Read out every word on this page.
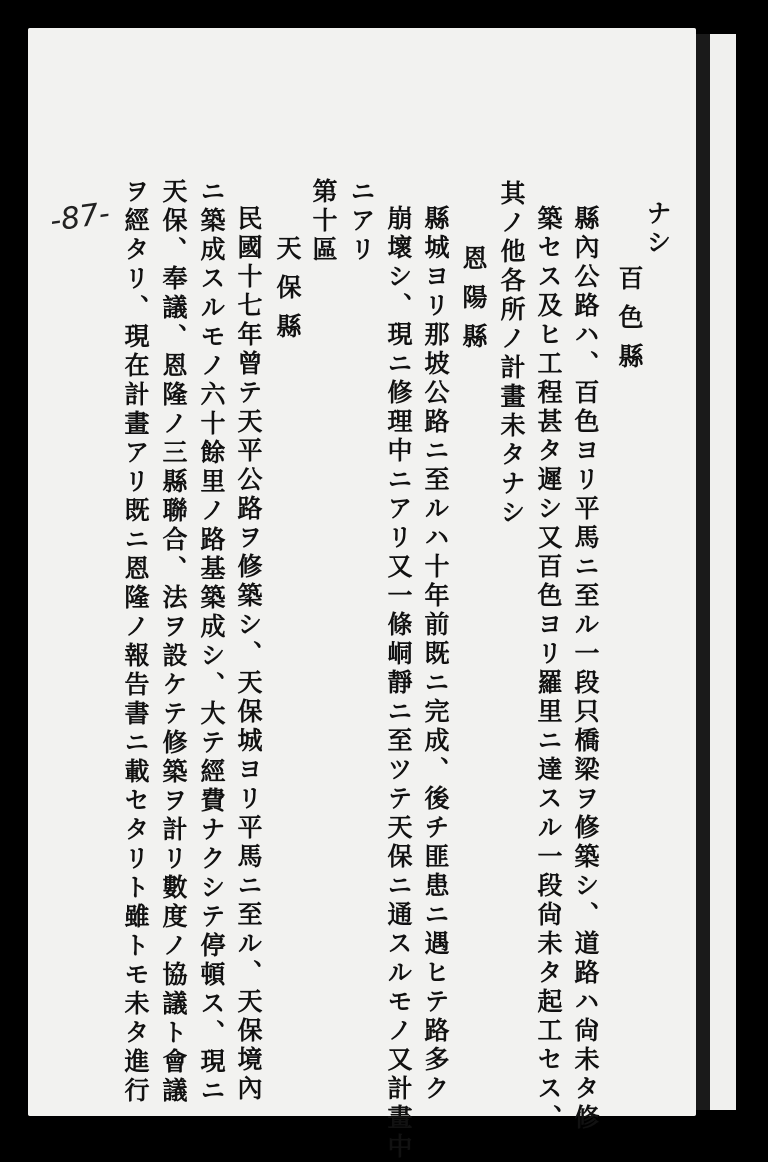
-87-	ナシ
百色縣
縣內公路ハ、百色ヨリ平馬ニ至ル一段只橋梁ヲ修築シ、道路ハ尙未タ修
築セス及ヒ工程甚タ遲シ又百色ヨリ羅里ニ達スル一段尙未タ起工セス、
其ノ他各所ノ計畫未タナシ
恩陽縣
縣城ヨリ那坡公路ニ至ルハ十年前既ニ完成、後チ匪患ニ遇ヒテ路多ク
崩壞シ、現ニ修理中ニアリ又一條峒靜ニ至ツテ天保ニ通スルモノ又計畫中
ニアリ
第十區
天保縣
民國十七年曾テ天平公路ヲ修築シ、天保城ヨリ平馬ニ至ル、天保境內
ニ築成スルモノ六十餘里ノ路基築成シ、大テ經費ナクシテ停頓ス、現ニ
天保、奉議、恩隆ノ三縣聯合、法ヲ設ケテ修築ヲ計リ數度ノ協議ト會議
ヲ經タリ、現在計畫アリ既ニ恩隆ノ報告書ニ載セタリト雖トモ未タ進行
